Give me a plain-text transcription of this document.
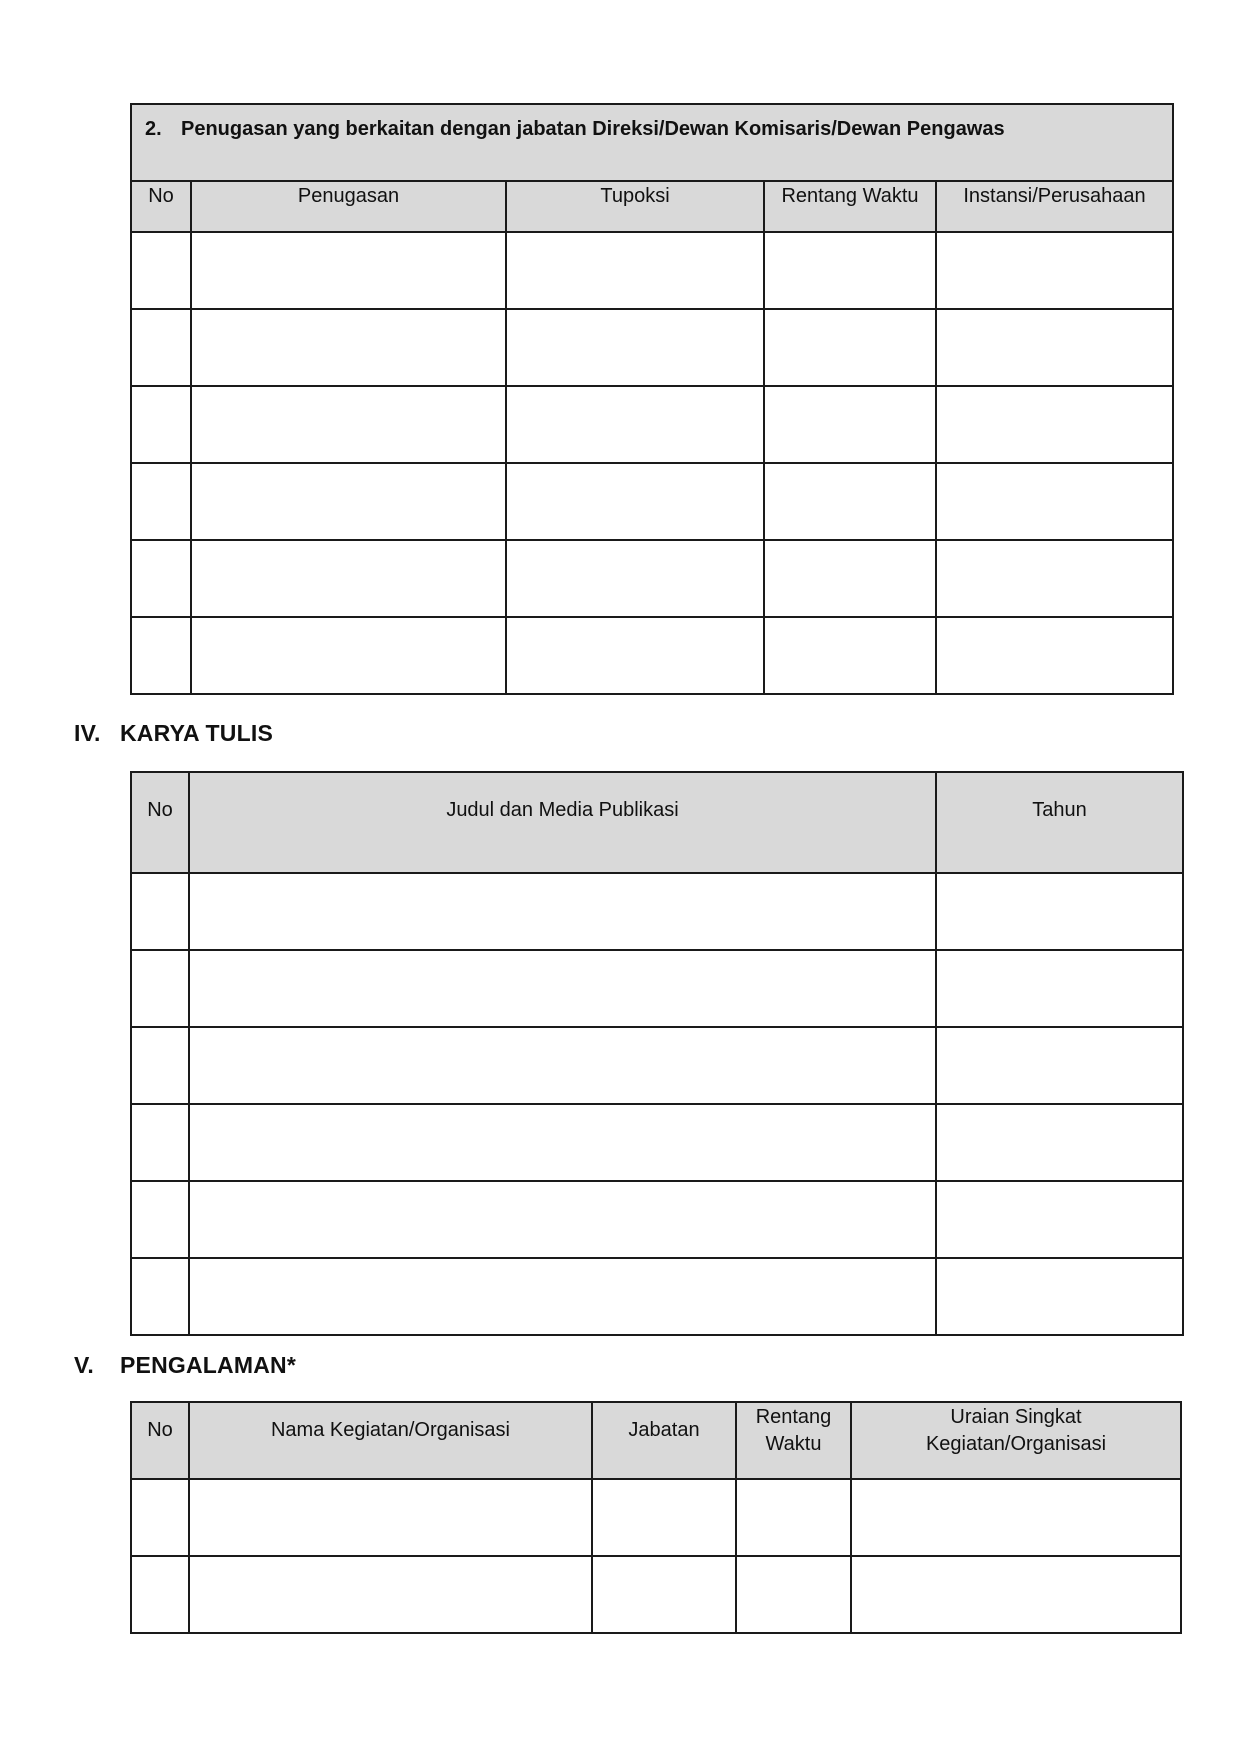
2. Penugasan yang berkaitan dengan jabatan Direksi/Dewan Komisaris/Dewan Pengawas				
No	Penugasan	Tupoksi	Rentang Waktu	Instansi/Perusahaan

IV. KARYA TULIS
No	Judul dan Media Publikasi	Tahun

V. PENGALAMAN*
No	Nama Kegiatan/Organisasi	Jabatan	Rentang Waktu	Uraian Singkat Kegiatan/Organisasi
